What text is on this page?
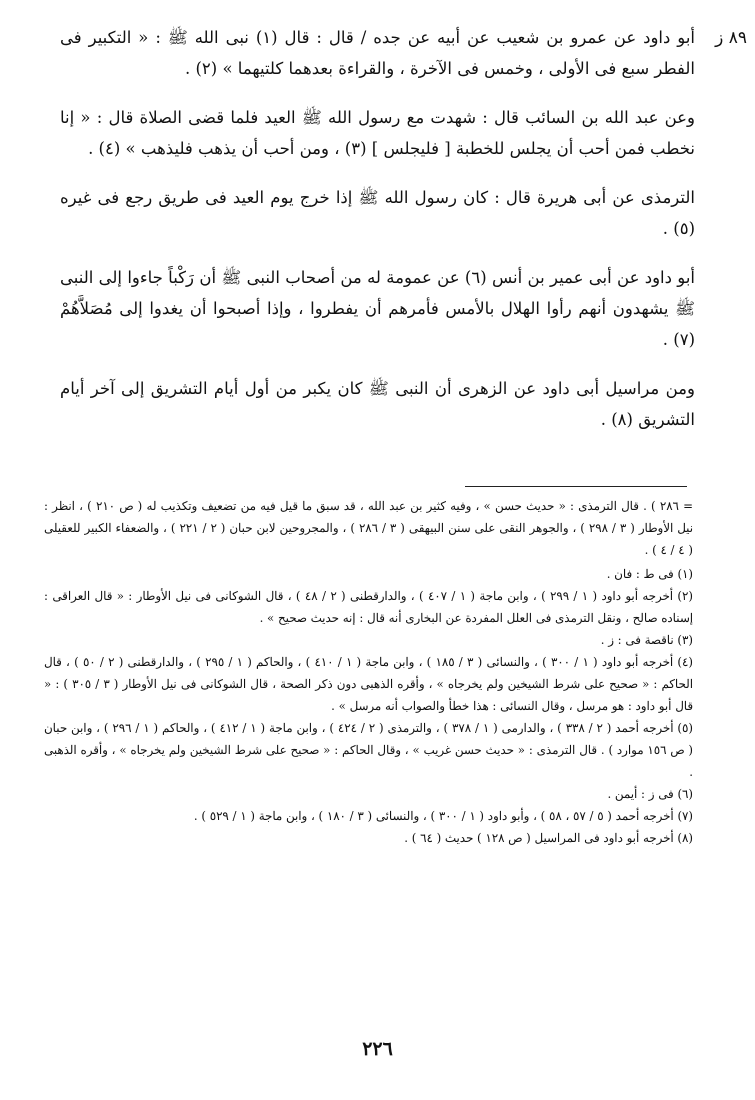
٨٩ ز

أبو داود عن عمرو بن شعيب عن أبيه عن جده / قال : قال (١) نبى الله ﷺ : « التكبير فى الفطر سبع فى الأولى ، وخمس فى الآخرة ، والقراءة بعدهما كلتيهما » (٢) .

وعن عبد الله بن السائب قال : شهدت مع رسول الله ﷺ العيد فلما قضى الصلاة قال : « إنا نخطب فمن أحب أن يجلس للخطبة [ فليجلس ] (٣) ، ومن أحب أن يذهب فليذهب » (٤) .

الترمذى عن أبى هريرة قال : كان رسول الله ﷺ إذا خرج يوم العيد فى طريق رجع فى غيره (٥) .

أبو داود عن أبى عمير بن أنس (٦) عن عمومة له من أصحاب النبى ﷺ أن رَكْباً جاءوا إلى النبى ﷺ يشهدون أنهم رأوا الهلال بالأمس فأمرهم أن يفطروا ، وإذا أصبحوا أن يغدوا إلى مُصَلاَّهُمْ (٧) .

ومن مراسيل أبى داود عن الزهرى أن النبى ﷺ كان يكبر من أول أيام التشريق إلى آخر أيام التشريق (٨) .

= ٢٨٦ ) . قال الترمذى : « حديث حسن » ، وفيه كثير بن عبد الله ، قد سبق ما قيل فيه من تضعيف وتكذيب له ( ص ٢١٠ ) ، انظر : نيل الأوطار ( ٣ / ٢٩٨ ) ، والجوهر النقى على سنن البيهقى ( ٣ / ٢٨٦ ) ، والمجروحين لابن حبان ( ٢ / ٢٢١ ) ، والضعفاء الكبير للعقيلى ( ٤ / ٤ ) .

(١) فى ط : فان .

(٢) أخرجه أبو داود ( ١ / ٢٩٩ ) ، وابن ماجة ( ١ / ٤٠٧ ) ، والدارقطنى ( ٢ / ٤٨ ) ، قال الشوكانى فى نيل الأوطار : « قال العراقى : إسناده صالح ، ونقل الترمذى فى العلل المفردة عن البخارى أنه قال : إنه حديث صحيح » .

(٣) ناقصة فى : ز .

(٤) أخرجه أبو داود ( ١ / ٣٠٠ ) ، والنسائى ( ٣ / ١٨٥ ) ، وابن ماجة ( ١ / ٤١٠ ) ، والحاكم ( ١ / ٢٩٥ ) ، والدارقطنى ( ٢ / ٥٠ ) ، قال الحاكم : « صحيح على شرط الشيخين ولم يخرجاه » ، وأقره الذهبى دون ذكر الصحة ، قال الشوكانى فى نيل الأوطار ( ٣ / ٣٠٥ ) : « قال أبو داود : هو مرسل ، وقال النسائى : هذا خطأ والصواب أنه مرسل » .

(٥) أخرجه أحمد ( ٢ / ٣٣٨ ) ، والدارمى ( ١ / ٣٧٨ ) ، والترمذى ( ٢ / ٤٢٤ ) ، وابن ماجة ( ١ / ٤١٢ ) ، والحاكم ( ١ / ٢٩٦ ) ، وابن حبان ( ص ١٥٦ موارد ) . قال الترمذى : « حديث حسن غريب » ، وقال الحاكم : « صحيح على شرط الشيخين ولم يخرجاه » ، وأقره الذهبى .

(٦) فى ز : أيمن .

(٧) أخرجه أحمد ( ٥ / ٥٧ ، ٥٨ ) ، وأبو داود ( ١ / ٣٠٠ ) ، والنسائى ( ٣ / ١٨٠ ) ، وابن ماجة ( ١ / ٥٢٩ ) .

(٨) أخرجه أبو داود فى المراسيل ( ص ١٢٨ ) حديث ( ٦٤ ) .

٢٢٦
